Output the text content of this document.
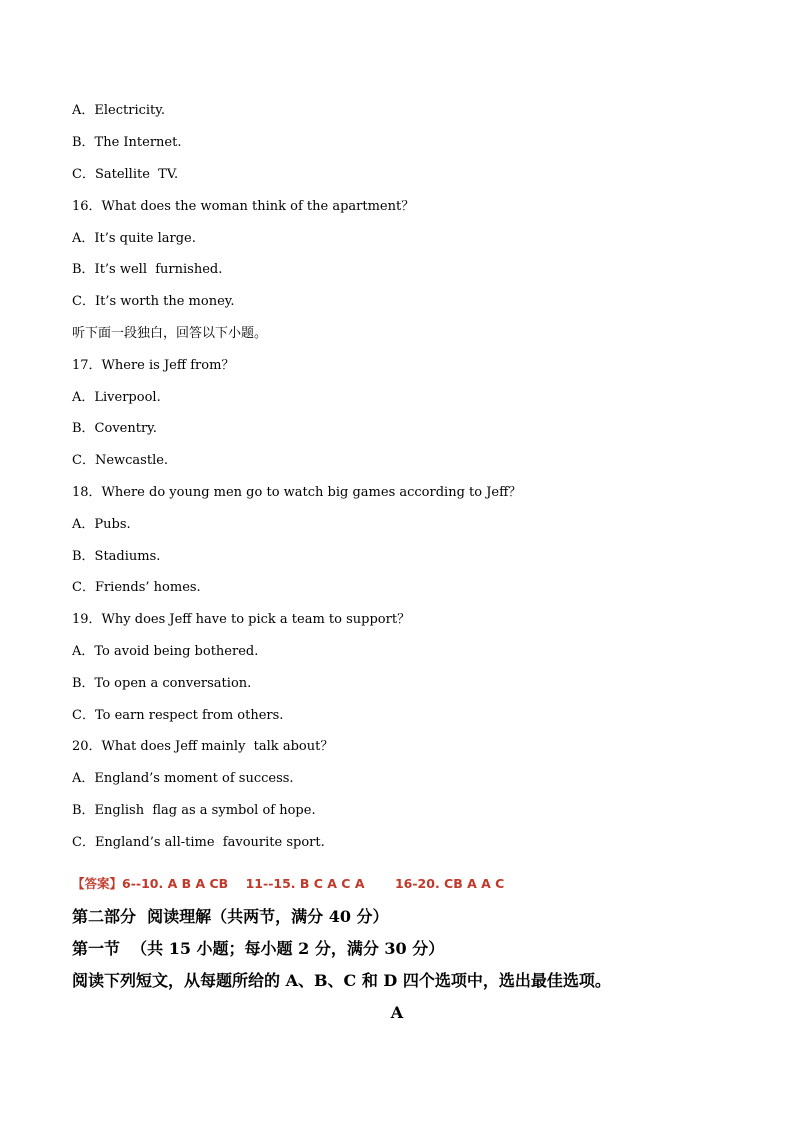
A．Electricity.
B．The Internet.
C．Satellite  TV.
16．What does the woman think of the apartment？
A．It’s quite large.
B．It’s well  furnished.
C．It’s worth the money.
听下面一段独白，回答以下小题。
17．Where is Jeff from？
A．Liverpool.
B．Coventry.
C．Newcastle.
18．Where do young men go to watch big games according to Jeff？
A．Pubs.
B．Stadiums.
C．Friends’ homes.
19．Why does Jeff have to pick a team to support？
A．To avoid being bothered.
B．To open a conversation.
C．To earn respect from others.
20．What does Jeff mainly  talk about？
A．England’s moment of success.
B．English  flag as a symbol of hope.
C．England’s all-time  favourite sport.
【答案】6--10. A B A CB    11--15. B C A C A       16-20. CB A A C
第二部分  阅读理解（共两节，满分 40 分）
第一节  （共 15 小题；每小题 2 分，满分 30 分）
阅读下列短文，从每题所给的 A、B、C 和 D 四个选项中，选出最佳选项。
A
